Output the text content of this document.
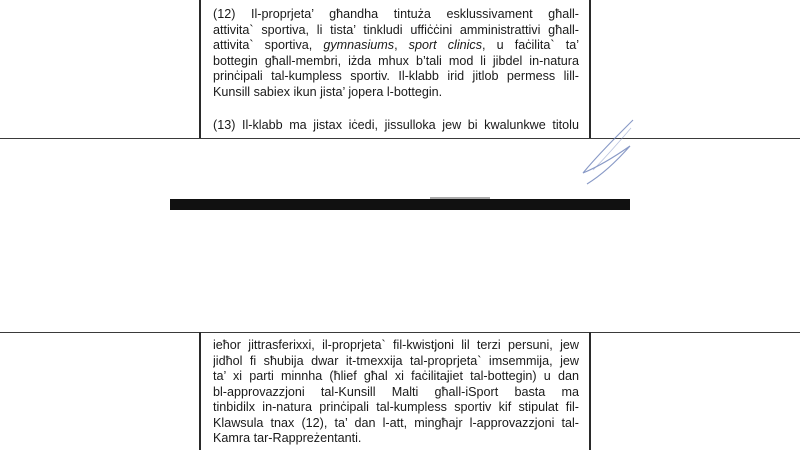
(12) Il-proprjeta’ għandha tintuża esklussivament għall-
attivita` sportiva, li tista’ tinkludi uffiċċini amministrattivi għall-
attivita` sportiva, gymnasiums, sport clinics, u faċilita` ta’
bottegin għall-membri, iżda mhux b’tali mod li jibdel in-natura
prinċipali tal-kumpless sportiv. Il-klabb irid jitlob permess lill-
Kunsill sabiex ikun jista’ jopera l-bottegin.
(13) Il-klabb ma jistax iċedi, jissulloka jew bi kwalunkwe titolu
ieħor jittrasferixxi, il-proprjeta` fil-kwistjoni lil terzi persuni, jew
jidħol fi sħubija dwar it-tmexxija tal-proprjeta` imsemmija, jew
ta’ xi parti minnha (ħlief għal xi faċilitajiet tal-bottegin) u dan
bl-approvazzjoni tal-Kunsill Malti għall-iSport basta ma
tinbidilx in-natura prinċipali tal-kumpless sportiv kif stipulat fil-
Klawsula tnax (12), ta’ dan l-att, mingħajr l-approvazzjoni tal-
Kamra tar-Rappreżentanti.
